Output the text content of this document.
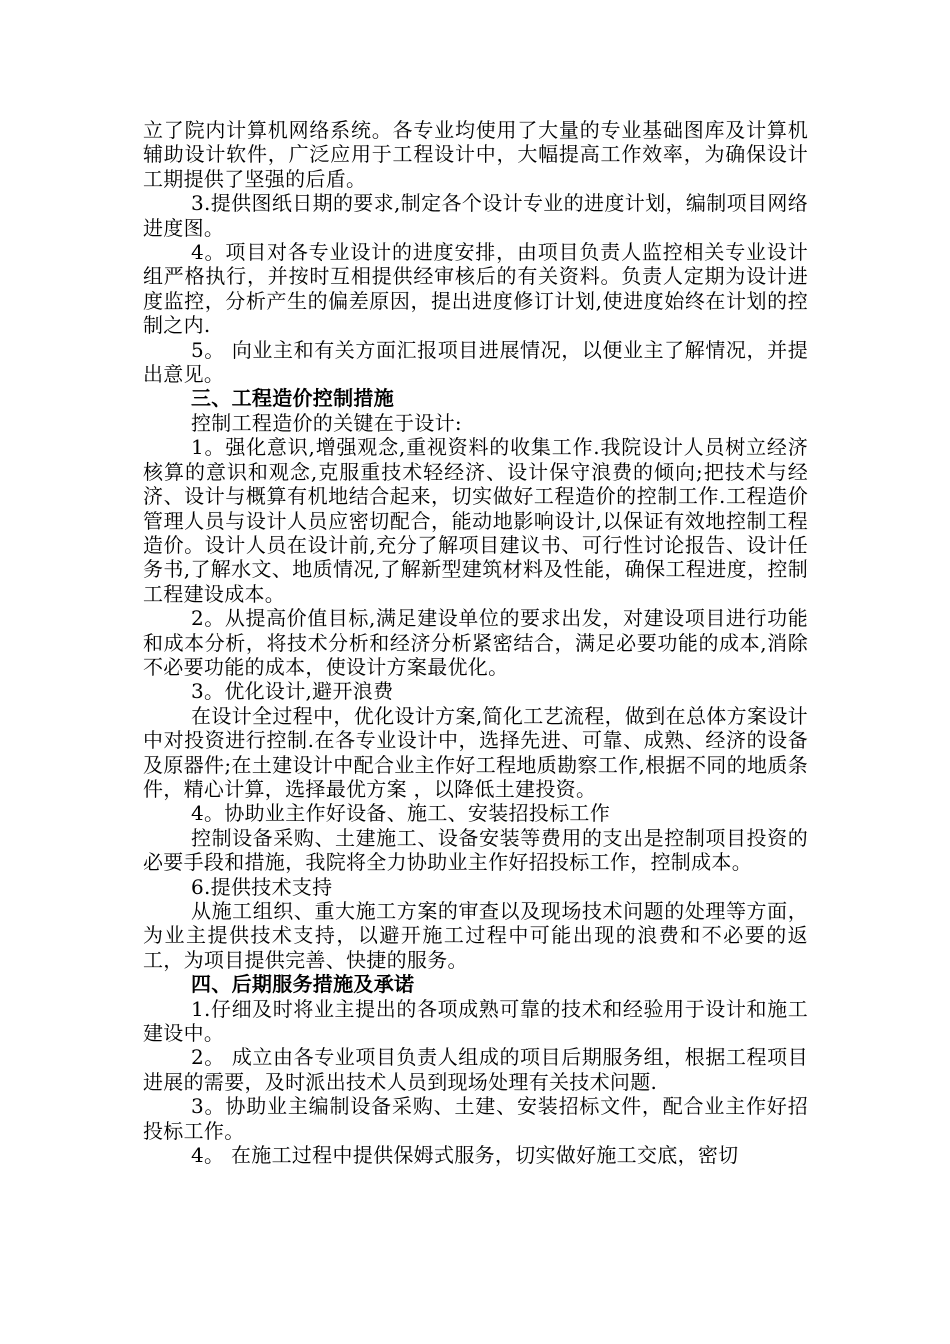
立了院内计算机网络系统。各专业均使用了大量的专业基础图库及计算机辅助设计软件，广泛应用于工程设计中，大幅提高工作效率，为确保设计工期提供了坚强的后盾。

3.提供图纸日期的要求,制定各个设计专业的进度计划，编制项目网络进度图。

4。项目对各专业设计的进度安排，由项目负责人监控相关专业设计组严格执行，并按时互相提供经审核后的有关资料。负责人定期为设计进度监控，分析产生的偏差原因，提出进度修订计划,使进度始终在计划的控制之内.

5。 向业主和有关方面汇报项目进展情况，以便业主了解情况，并提出意见。

三、工程造价控制措施

控制工程造价的关键在于设计:

1。强化意识,增强观念,重视资料的收集工作.我院设计人员树立经济核算的意识和观念,克服重技术轻经济、设计保守浪费的倾向;把技术与经济、设计与概算有机地结合起来，切实做好工程造价的控制工作.工程造价管理人员与设计人员应密切配合，能动地影响设计,以保证有效地控制工程造价。设计人员在设计前,充分了解项目建议书、可行性讨论报告、设计任务书,了解水文、地质情况,了解新型建筑材料及性能，确保工程进度，控制工程建设成本。

2。从提高价值目标,满足建设单位的要求出发，对建设项目进行功能和成本分析，将技术分析和经济分析紧密结合，满足必要功能的成本,消除不必要功能的成本，使设计方案最优化。

3。优化设计,避开浪费

在设计全过程中，优化设计方案,简化工艺流程，做到在总体方案设计中对投资进行控制.在各专业设计中，选择先进、可靠、成熟、经济的设备及原器件;在土建设计中配合业主作好工程地质勘察工作,根据不同的地质条件，精心计算，选择最优方案 ，以降低土建投资。

4。协助业主作好设备、施工、安装招投标工作

控制设备采购、土建施工、设备安装等费用的支出是控制项目投资的必要手段和措施，我院将全力协助业主作好招投标工作，控制成本。

6.提供技术支持

从施工组织、重大施工方案的审查以及现场技术问题的处理等方面，为业主提供技术支持，以避开施工过程中可能出现的浪费和不必要的返工，为项目提供完善、快捷的服务。

四、后期服务措施及承诺

1.仔细及时将业主提出的各项成熟可靠的技术和经验用于设计和施工建设中。

2。 成立由各专业项目负责人组成的项目后期服务组，根据工程项目进展的需要，及时派出技术人员到现场处理有关技术问题.

3。协助业主编制设备采购、土建、安装招标文件，配合业主作好招投标工作。

4。 在施工过程中提供保姆式服务，切实做好施工交底，密切
